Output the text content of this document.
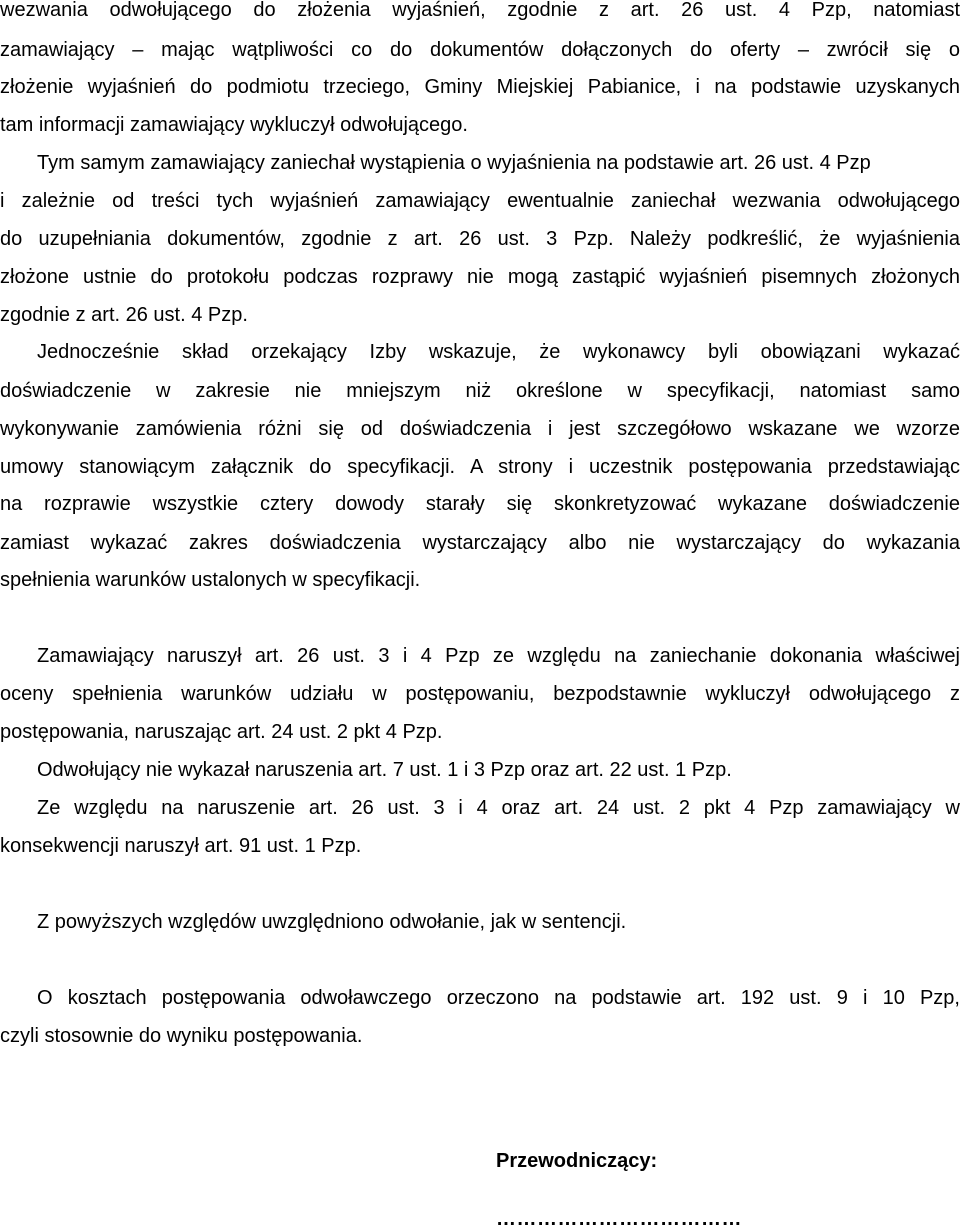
wezwania odwołującego do złożenia wyjaśnień, zgodnie z art. 26 ust. 4 Pzp, natomiast
zamawiający – mając wątpliwości co do dokumentów dołączonych do oferty – zwrócił się o
złożenie wyjaśnień do podmiotu trzeciego, Gminy Miejskiej Pabianice, i na podstawie uzyskanych
tam informacji zamawiający wykluczył odwołującego.
Tym samym zamawiający zaniechał wystąpienia o wyjaśnienia na podstawie art. 26 ust. 4 Pzp
i zależnie od treści tych wyjaśnień zamawiający ewentualnie zaniechał wezwania odwołującego
do uzupełniania dokumentów, zgodnie z art. 26 ust. 3 Pzp. Należy podkreślić, że wyjaśnienia
złożone ustnie do protokołu podczas rozprawy nie mogą zastąpić wyjaśnień pisemnych złożonych
zgodnie z art. 26 ust. 4 Pzp.
Jednocześnie skład orzekający Izby wskazuje, że wykonawcy byli obowiązani wykazać
doświadczenie w zakresie nie mniejszym niż określone w specyfikacji, natomiast samo
wykonywanie zamówienia różni się od doświadczenia i jest szczegółowo wskazane we wzorze
umowy stanowiącym załącznik do specyfikacji. A strony i uczestnik postępowania przedstawiając
na rozprawie wszystkie cztery dowody starały się skonkretyzować wykazane doświadczenie
zamiast wykazać zakres doświadczenia wystarczający albo nie wystarczający do wykazania
spełnienia warunków ustalonych w specyfikacji.
Zamawiający naruszył art. 26 ust. 3 i 4 Pzp ze względu na zaniechanie dokonania właściwej
oceny spełnienia warunków udziału w postępowaniu, bezpodstawnie wykluczył odwołującego z
postępowania, naruszając art. 24 ust. 2 pkt 4 Pzp.
Odwołujący nie wykazał naruszenia art. 7 ust. 1 i 3 Pzp oraz art. 22 ust. 1 Pzp.
Ze względu na naruszenie art. 26 ust. 3 i 4 oraz art. 24 ust. 2 pkt 4 Pzp zamawiający w
konsekwencji naruszył art. 91 ust. 1 Pzp.
Z powyższych względów uwzględniono odwołanie, jak w sentencji.
O kosztach postępowania odwoławczego orzeczono na podstawie art. 192 ust. 9 i 10 Pzp,
czyli stosownie do wyniku postępowania.
Przewodniczący:
………………………………
